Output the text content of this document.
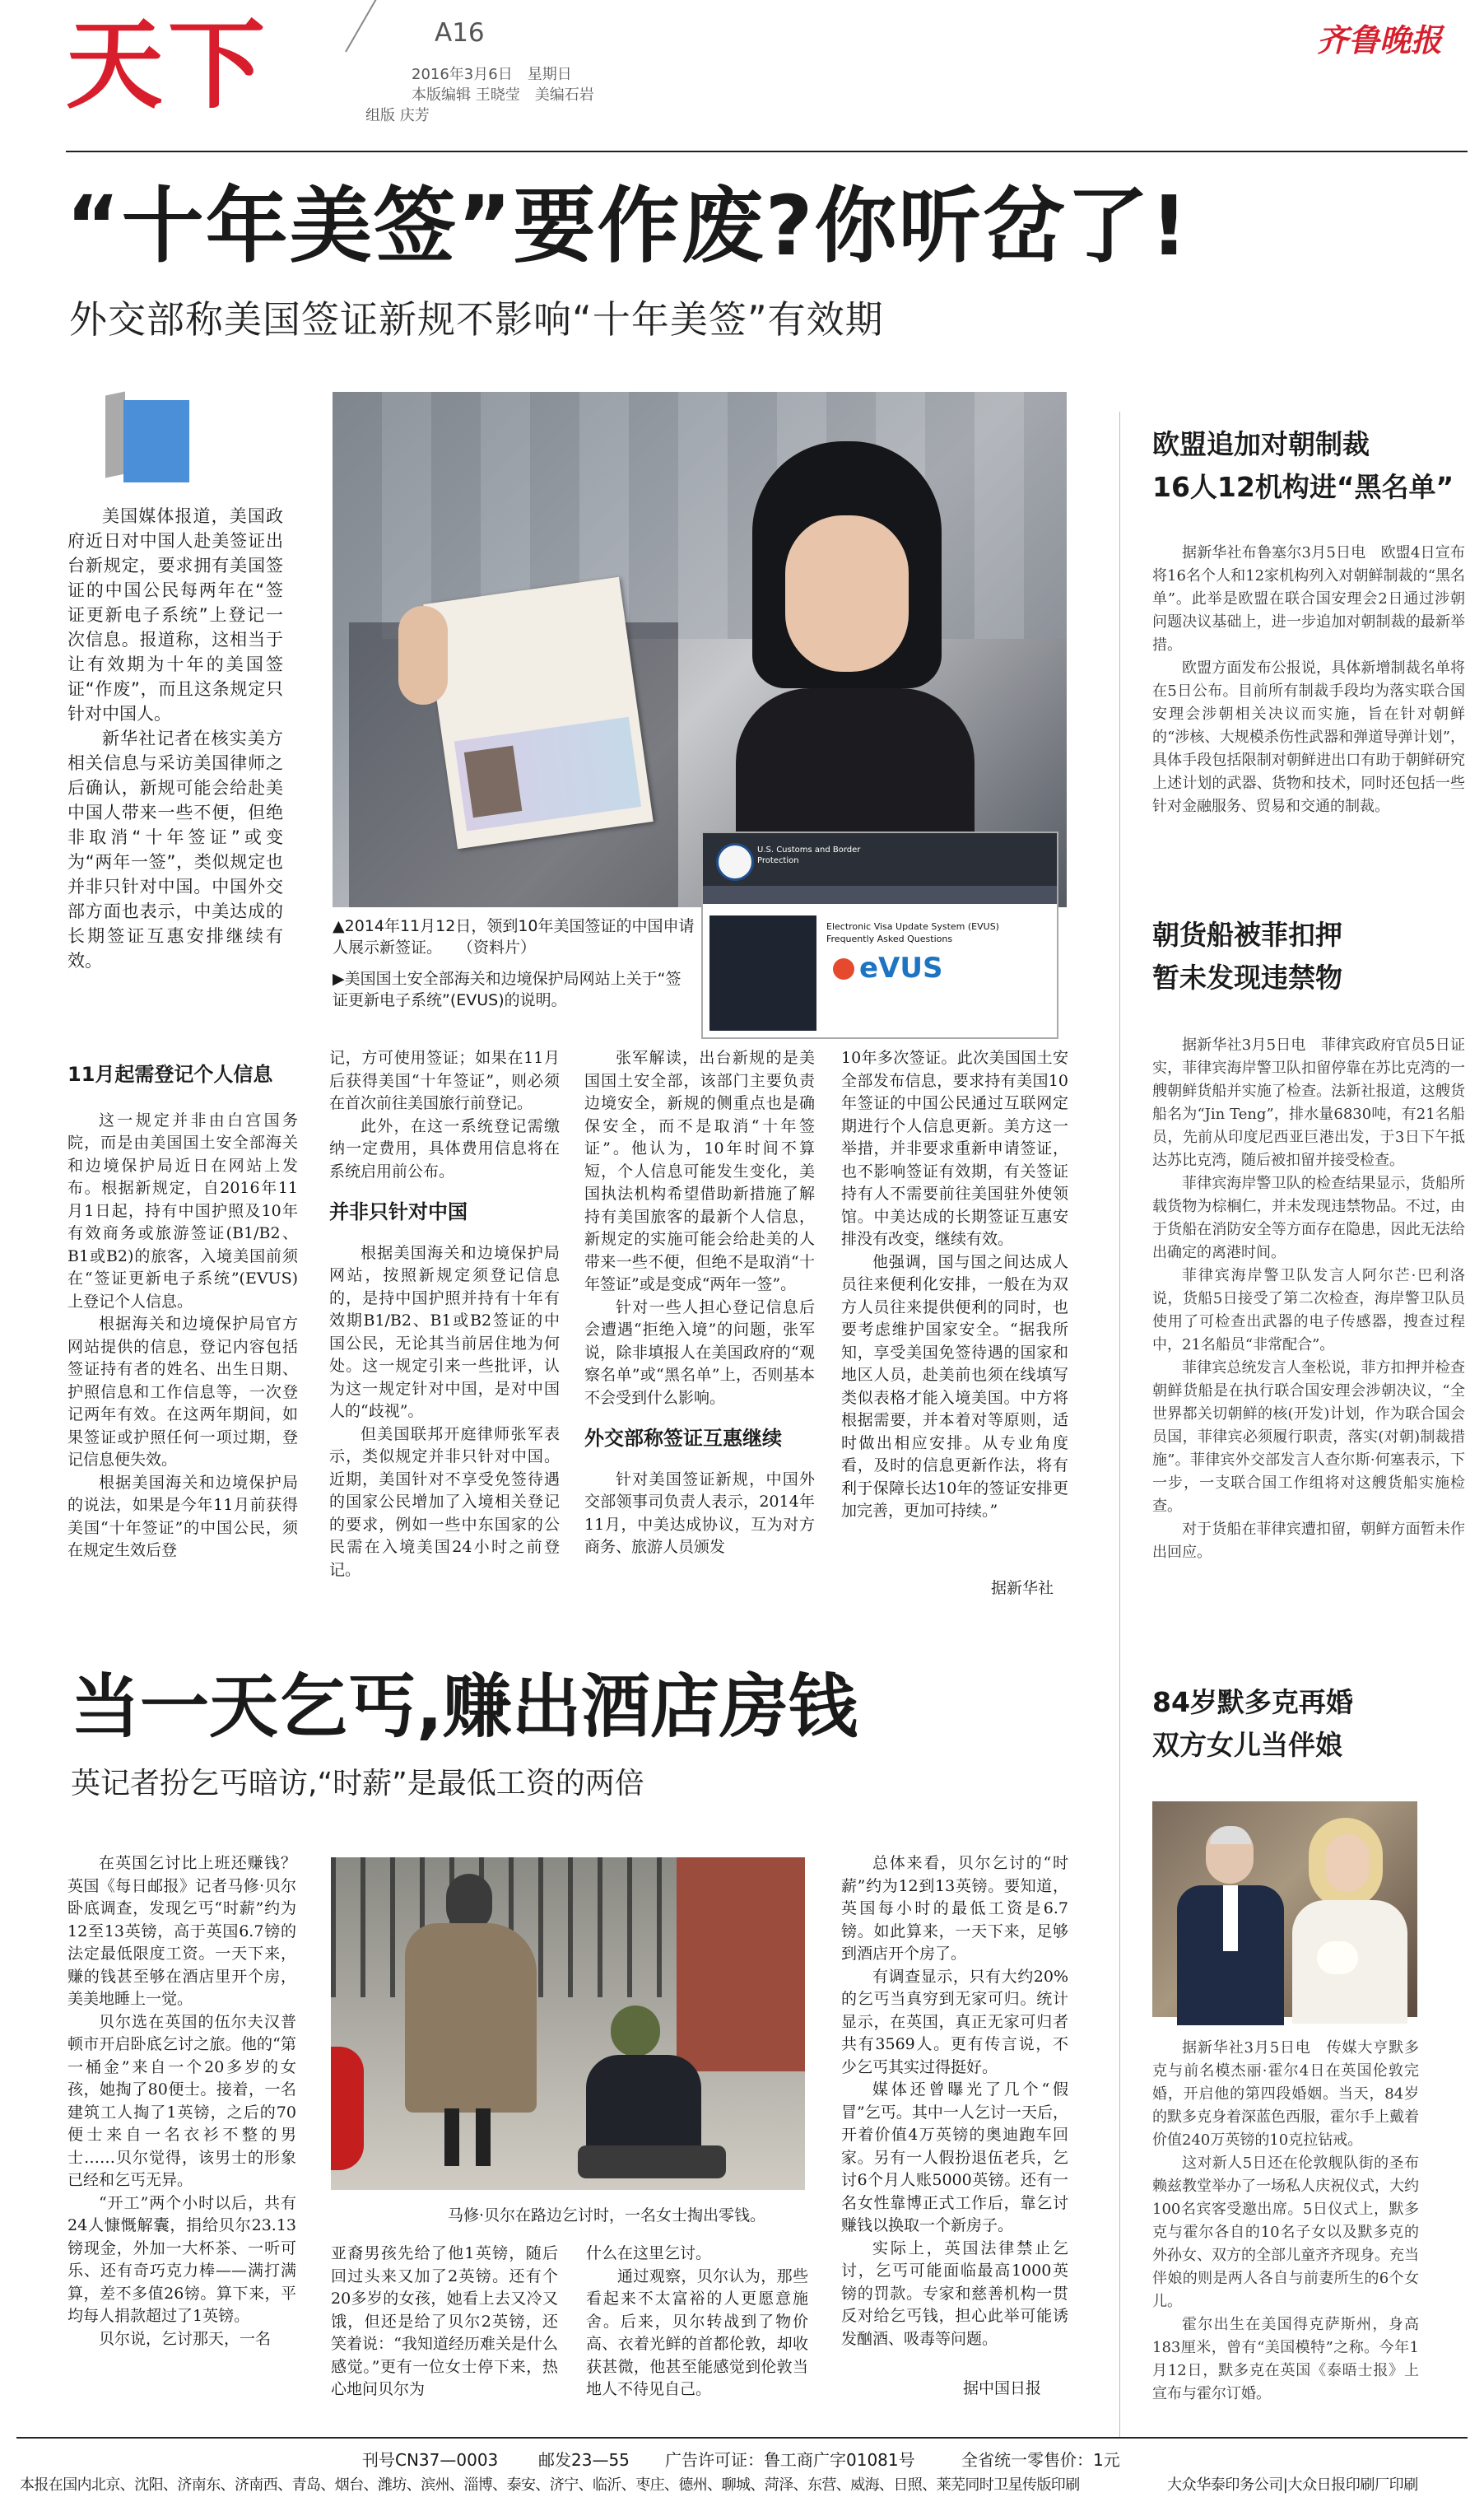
天下	A16
2016年3月6日　星期日
本版编辑 王晓莹　美编石岩
组版 庆芳
齐鲁晚报
“十年美签”要作废?你听岔了!
外交部称美国签证新规不影响“十年美签”有效期

美国媒体报道，美国政府近日对中国人赴美签证出台新规定，要求拥有美国签证的中国公民每两年在“签证更新电子系统”上登记一次信息。报道称，这相当于让有效期为十年的美国签证“作废”，而且这条规定只针对中国人。

新华社记者在核实美方相关信息与采访美国律师之后确认，新规可能会给赴美中国人带来一些不便，但绝非取消“十年签证”或变为“两年一签”，类似规定也并非只针对中国。中国外交部方面也表示，中美达成的长期签证互惠安排继续有效。

U.S. Customs and Border Protection
Electronic Visa Update System (EVUS) Frequently Asked Questions
eVUS
▲2014年11月12日，领到10年美国签证的中国申请人展示新签证。　　（资料片）
▶美国国土安全部海关和边境保护局网站上关于“签证更新电子系统”(EVUS)的说明。
11月起需登记个人信息

这一规定并非由白宫国务院，而是由美国国土安全部海关和边境保护局近日在网站上发布。根据新规定，自2016年11月1日起，持有中国护照及10年有效商务或旅游签证(B1/B2、B1或B2)的旅客，入境美国前须在“签证更新电子系统”(EVUS)上登记个人信息。

根据海关和边境保护局官方网站提供的信息，登记内容包括签证持有者的姓名、出生日期、护照信息和工作信息等，一次登记两年有效。在这两年期间，如果签证或护照任何一项过期，登记信息便失效。

根据美国海关和边境保护局的说法，如果是今年11月前获得美国“十年签证”的中国公民，须在规定生效后登

记，方可使用签证；如果在11月后获得美国“十年签证”，则必须在首次前往美国旅行前登记。

此外，在这一系统登记需缴纳一定费用，具体费用信息将在系统启用前公布。

并非只针对中国

根据美国海关和边境保护局网站，按照新规定须登记信息的，是持中国护照并持有十年有效期B1/B2、B1或B2签证的中国公民，无论其当前居住地为何处。这一规定引来一些批评，认为这一规定针对中国，是对中国人的“歧视”。

但美国联邦开庭律师张军表示，类似规定并非只针对中国。近期，美国针对不享受免签待遇的国家公民增加了入境相关登记的要求，例如一些中东国家的公民需在入境美国24小时之前登记。

张军解读，出台新规的是美国国土安全部，该部门主要负责边境安全，新规的侧重点也是确保安全，而不是取消“十年签证”。他认为，10年时间不算短，个人信息可能发生变化，美国执法机构希望借助新措施了解持有美国旅客的最新个人信息，新规定的实施可能会给赴美的人带来一些不便，但绝不是取消“十年签证”或是变成“两年一签”。

针对一些人担心登记信息后会遭遇“拒绝入境”的问题，张军说，除非填报人在美国政府的“观察名单”或“黑名单”上，否则基本不会受到什么影响。

外交部称签证互惠继续

针对美国签证新规，中国外交部领事司负责人表示，2014年11月，中美达成协议，互为对方商务、旅游人员颁发

10年多次签证。此次美国国土安全部发布信息，要求持有美国10年签证的中国公民通过互联网定期进行个人信息更新。美方这一举措，并非要求重新申请签证，也不影响签证有效期，有关签证持有人不需要前往美国驻外使领馆。中美达成的长期签证互惠安排没有改变，继续有效。

他强调，国与国之间达成人员往来便利化安排，一般在为双方人员往来提供便利的同时，也要考虑维护国家安全。“据我所知，享受美国免签待遇的国家和地区人员，赴美前也须在线填写类似表格才能入境美国。中方将根据需要，并本着对等原则，适时做出相应安排。从专业角度看，及时的信息更新作法，将有利于保障长达10年的签证安排更加完善，更加可持续。”

据新华社
当一天乞丐,赚出酒店房钱
英记者扮乞丐暗访,“时薪”是最低工资的两倍

在英国乞讨比上班还赚钱？英国《每日邮报》记者马修·贝尔卧底调查，发现乞丐“时薪”约为12至13英镑，高于英国6.7镑的法定最低限度工资。一天下来，赚的钱甚至够在酒店里开个房，美美地睡上一觉。

贝尔选在英国的伍尔夫汉普顿市开启卧底乞讨之旅。他的“第一桶金”来自一个20多岁的女孩，她掏了80便士。接着，一名建筑工人掏了1英镑，之后的70便士来自一名衣衫不整的男士……贝尔觉得，该男士的形象已经和乞丐无异。

“开工”两个小时以后，共有24人慷慨解囊，捐给贝尔23.13镑现金，外加一大杯茶、一听可乐、还有奇巧克力棒——满打满算，差不多值26镑。算下来，平均每人捐款超过了1英镑。

贝尔说，乞讨那天，一名

马修·贝尔在路边乞讨时，一名女士掏出零钱。

亚裔男孩先给了他1英镑，随后回过头来又加了2英镑。还有个20多岁的女孩，她看上去又冷又饿，但还是给了贝尔2英镑，还笑着说：“我知道经历难关是什么感觉。”更有一位女士停下来，热心地问贝尔为

什么在这里乞讨。

通过观察，贝尔认为，那些看起来不太富裕的人更愿意施舍。后来，贝尔转战到了物价高、衣着光鲜的首都伦敦，却收获甚微，他甚至能感觉到伦敦当地人不待见自己。

总体来看，贝尔乞讨的“时薪”约为12到13英镑。要知道，英国每小时的最低工资是6.7镑。如此算来，一天下来，足够到酒店开个房了。

有调查显示，只有大约20%的乞丐当真穷到无家可归。统计显示，在英国，真正无家可归者共有3569人。更有传言说，不少乞丐其实过得挺好。

媒体还曾曝光了几个“假冒”乞丐。其中一人乞讨一天后，开着价值4万英镑的奥迪跑车回家。另有一人假扮退伍老兵，乞讨6个月人账5000英镑。还有一名女性靠博正式工作后，靠乞讨赚钱以换取一个新房子。

实际上，英国法律禁止乞讨，乞丐可能面临最高1000英镑的罚款。专家和慈善机构一贯反对给乞丐钱，担心此举可能诱发酗酒、吸毒等问题。

据中国日报
欧盟追加对朝制裁
16人12机构进“黑名单”

据新华社布鲁塞尔3月5日电　欧盟4日宣布将16名个人和12家机构列入对朝鲜制裁的“黑名单”。此举是欧盟在联合国安理会2日通过涉朝问题决议基础上，进一步追加对朝制裁的最新举措。

欧盟方面发布公报说，具体新增制裁名单将在5日公布。目前所有制裁手段均为落实联合国安理会涉朝相关决议而实施，旨在针对朝鲜的“涉核、大规模杀伤性武器和弹道导弹计划”，具体手段包括限制对朝鲜进出口有助于朝鲜研究上述计划的武器、货物和技术，同时还包括一些针对金融服务、贸易和交通的制裁。

朝货船被菲扣押
暂未发现违禁物

据新华社3月5日电　菲律宾政府官员5日证实，菲律宾海岸警卫队扣留停靠在苏比克湾的一艘朝鲜货船并实施了检查。法新社报道，这艘货船名为“Jin Teng”，排水量6830吨，有21名船员，先前从印度尼西亚巨港出发，于3日下午抵达苏比克湾，随后被扣留并接受检查。

菲律宾海岸警卫队的检查结果显示，货船所载货物为棕榈仁，并未发现违禁物品。不过，由于货船在消防安全等方面存在隐患，因此无法给出确定的离港时间。

菲律宾海岸警卫队发言人阿尔芒·巴利洛说，货船5日接受了第二次检查，海岸警卫队员使用了可检查出武器的电子传感器，搜查过程中，21名船员“非常配合”。

菲律宾总统发言人奎松说，菲方扣押并检查朝鲜货船是在执行联合国安理会涉朝决议，“全世界都关切朝鲜的核(开发)计划，作为联合国会员国，菲律宾必须履行职责，落实(对朝)制裁措施”。菲律宾外交部发言人查尔斯·何塞表示，下一步，一支联合国工作组将对这艘货船实施检查。

对于货船在菲律宾遭扣留，朝鲜方面暂未作出回应。

84岁默多克再婚
双方女儿当伴娘

据新华社3月5日电　传媒大亨默多克与前名模杰丽·霍尔4日在英国伦敦完婚，开启他的第四段婚姻。当天，84岁的默多克身着深蓝色西服，霍尔手上戴着价值240万英镑的10克拉钻戒。

这对新人5日还在伦敦舰队街的圣布赖兹教堂举办了一场私人庆祝仪式，大约100名宾客受邀出席。5日仪式上，默多克与霍尔各自的10名子女以及默多克的外孙女、双方的全部儿童齐齐现身。充当伴娘的则是两人各自与前妻所生的6个女儿。

霍尔出生在美国得克萨斯州，身高183厘米，曾有“美国模特”之称。今年1月12日，默多克在英国《泰晤士报》上宣布与霍尔订婚。

刊号CN37—0003 邮发23—55 广告许可证：鲁工商广字01081号	全省统一零售价：1元
本报在国内北京、沈阳、济南东、济南西、青岛、烟台、潍坊、滨州、淄博、泰安、济宁、临沂、枣庄、德州、聊城、菏泽、东营、威海、日照、莱芜同时卫星传版印刷	大众华泰印务公司|大众日报印刷厂印刷
